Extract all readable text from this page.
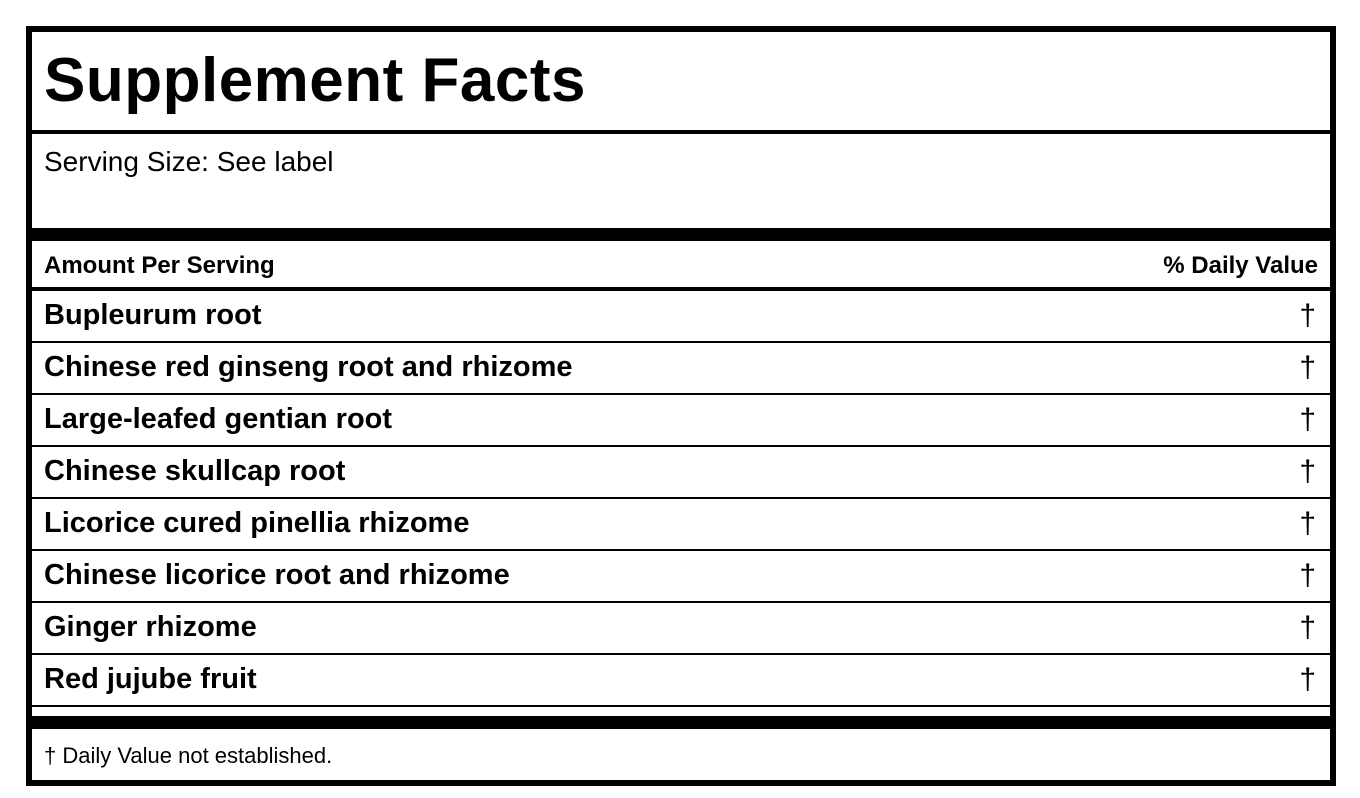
Supplement Facts
Serving Size: See label
Amount Per Serving	% Daily Value
Bupleurum root	†
Chinese red ginseng root and rhizome	†
Large-leafed gentian root	†
Chinese skullcap root	†
Licorice cured pinellia rhizome	†
Chinese licorice root and rhizome	†
Ginger rhizome	†
Red jujube fruit	†
† Daily Value not established.
